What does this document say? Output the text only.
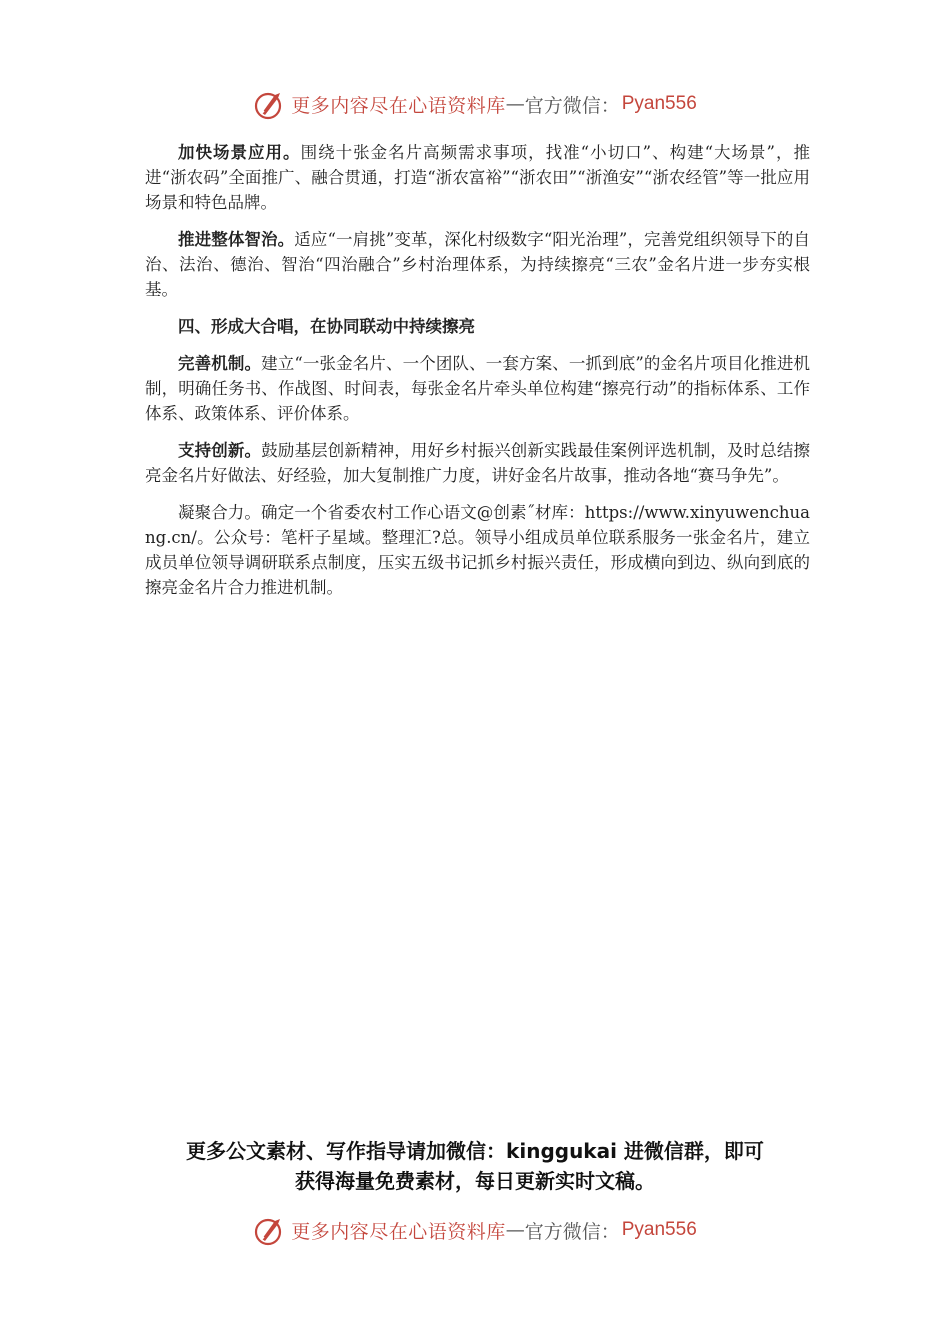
更多内容尽在心语资料库 — 官方微信： Pyan556

加快场景应用。围绕十张金名片高频需求事项，找准“小切口”、构建“大场景”，推进“浙农码”全面推广、融合贯通，打造“浙农富裕”“浙农田”“浙渔安”“浙农经管”等一批应用场景和特色品牌。

推进整体智治。适应“一肩挑”变革，深化村级数字“阳光治理”，完善党组织领导下的自治、法治、德治、智治“四治融合”乡村治理体系，为持续擦亮“三农”金名片进一步夯实根基。

四、形成大合唱，在协同联动中持续擦亮

完善机制。建立“一张金名片、一个团队、一套方案、一抓到底”的金名片项目化推进机制，明确任务书、作战图、时间表，每张金名片牵头单位构建“擦亮行动”的指标体系、工作体系、政策体系、评价体系。

支持创新。鼓励基层创新精神，用好乡村振兴创新实践最佳案例评选机制，及时总结擦亮金名片好做法、好经验，加大复制推广力度，讲好金名片故事，推动各地“赛马争先”。

凝聚合力。确定一个省委农村工作心语文@创素˝材库：https://www.xinyuwenchuang.cn/。公众号：笔杆子星域。整理汇?总。领导小组成员单位联系服务一张金名片，建立成员单位领导调研联系点制度，压实五级书记抓乡村振兴责任，形成横向到边、纵向到底的擦亮金名片合力推进机制。

更多公文素材、写作指导请加微信：kinggukai 进微信群，即可
获得海量免费素材，每日更新实时文稿。
更多内容尽在心语资料库 — 官方微信： Pyan556
